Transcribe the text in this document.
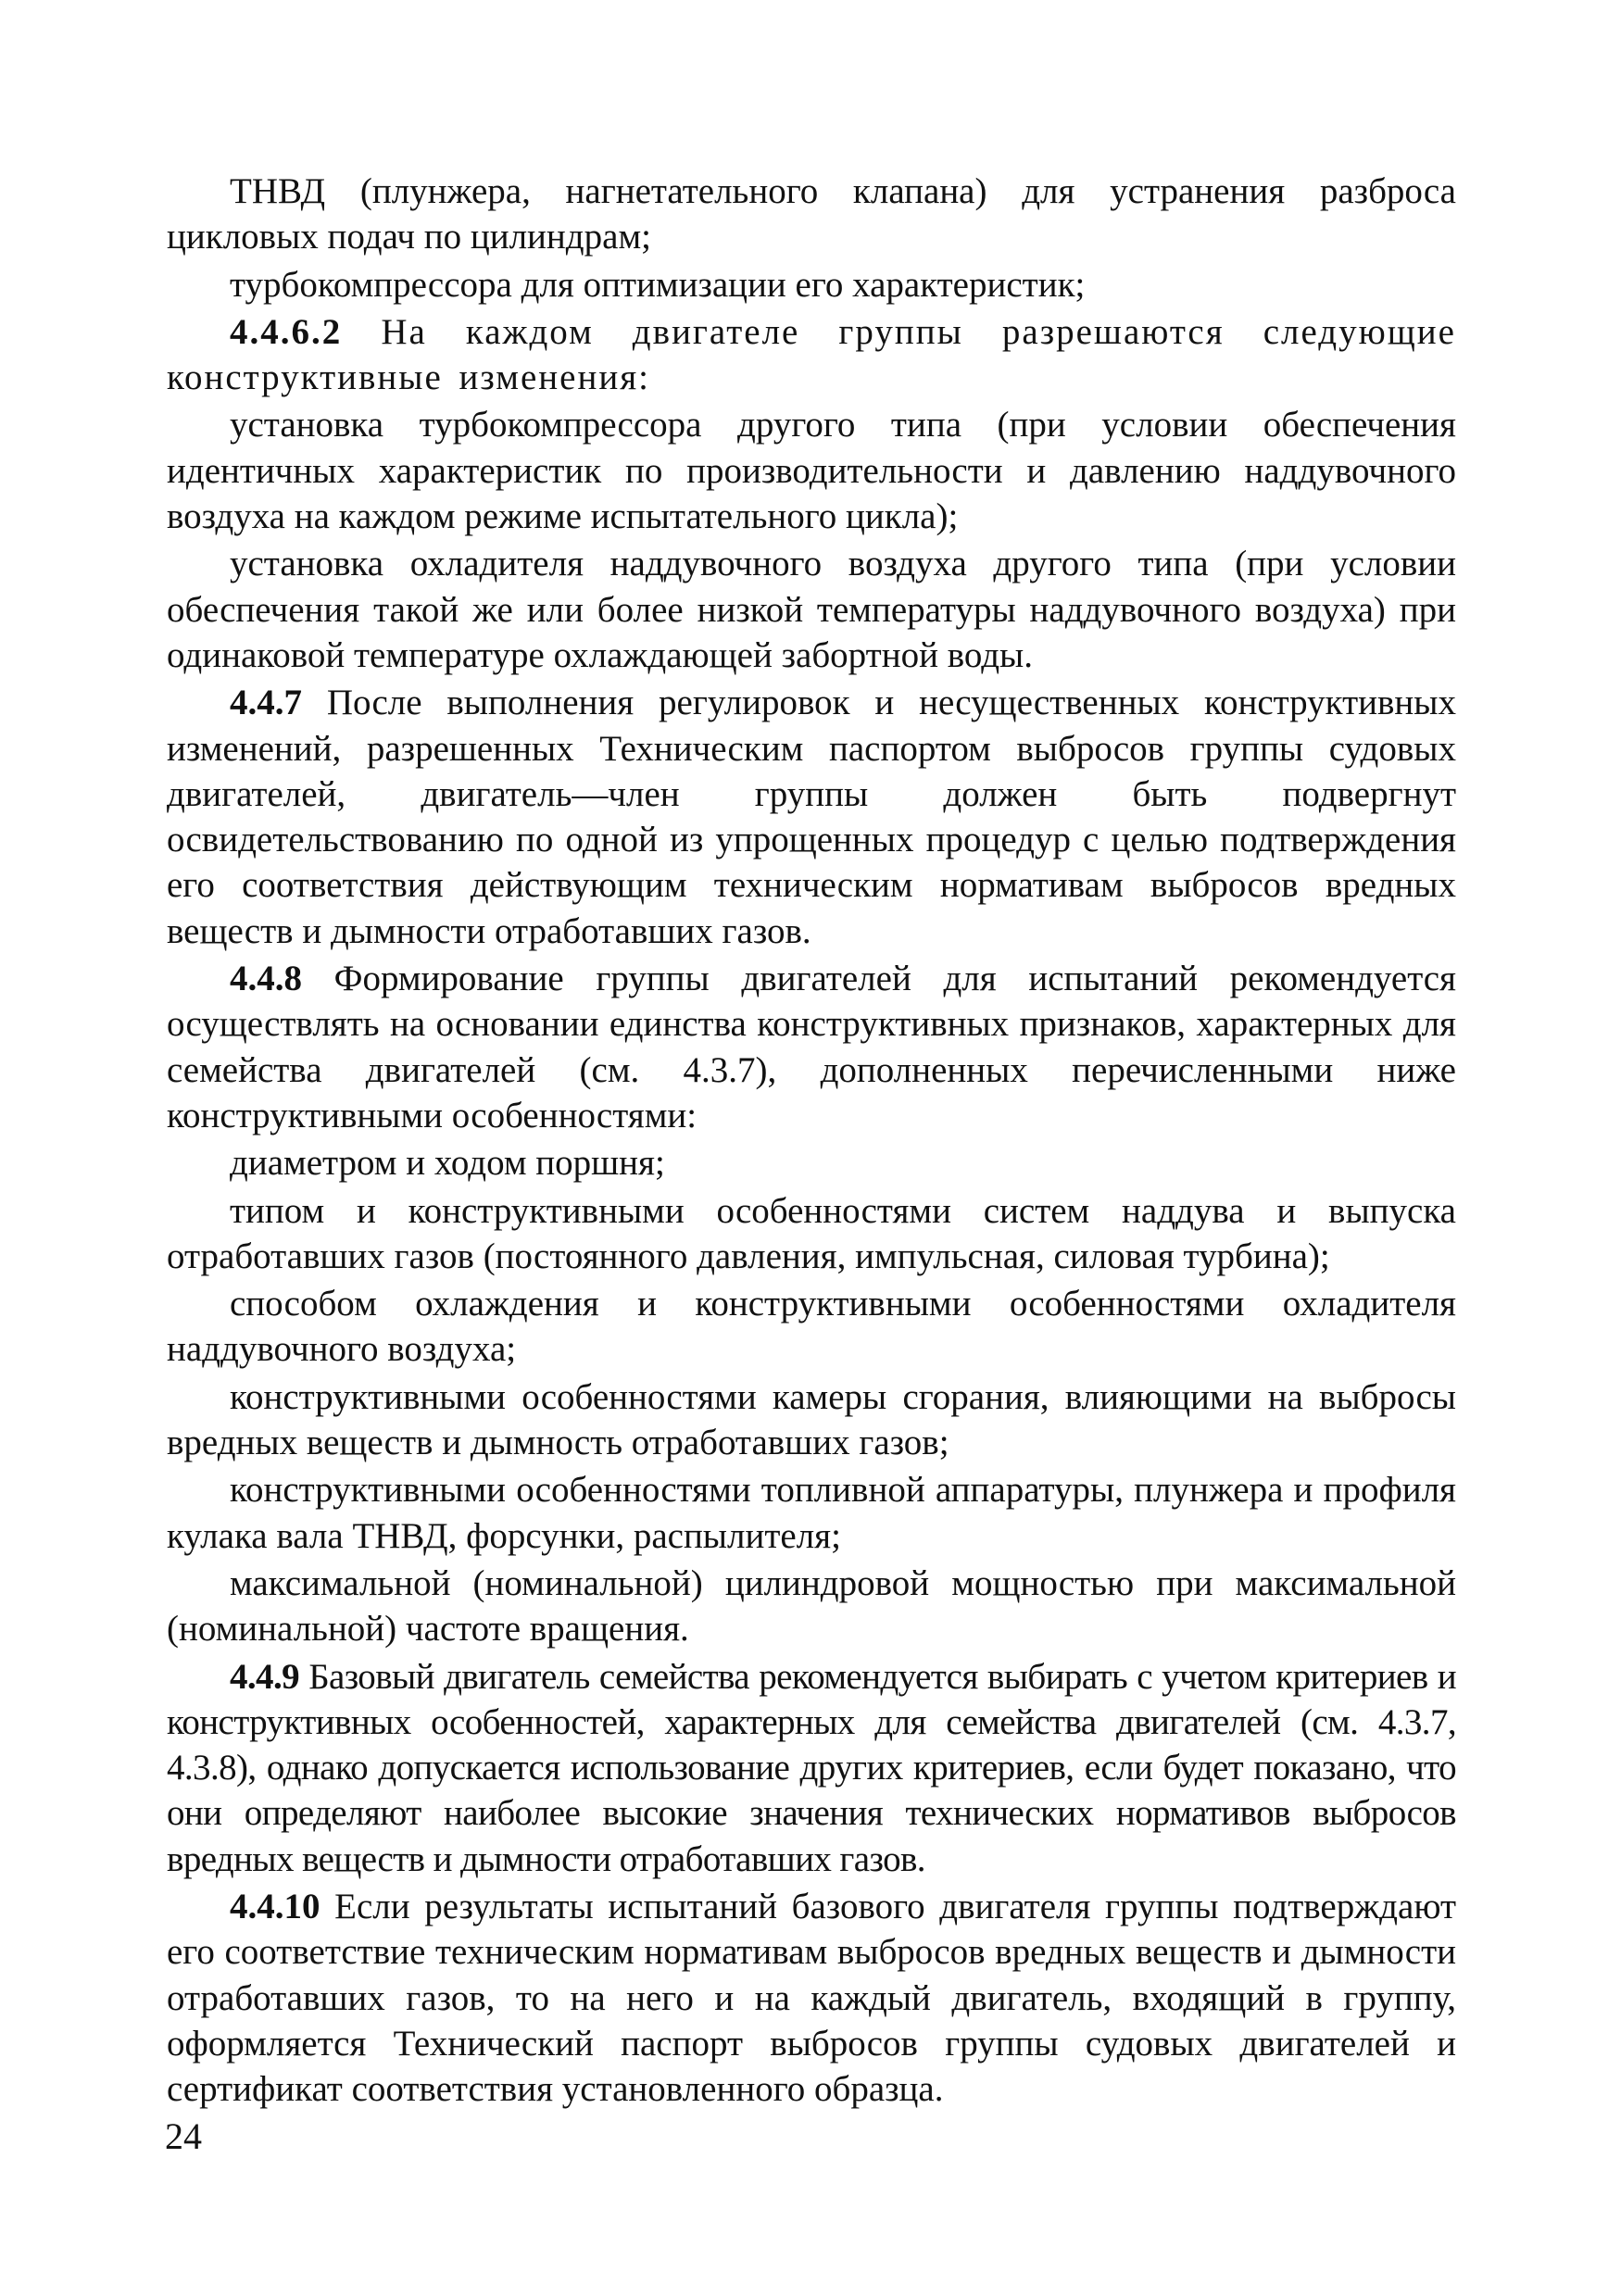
ТНВД (плунжера, нагнетательного клапана) для устранения разброса цикловых подач по цилиндрам;

турбокомпрессора для оптимизации его характеристик;

4.4.6.2 На каждом двигателе группы разрешаются следующие конструктивные изменения:

установка турбокомпрессора другого типа (при условии обеспечения идентичных характеристик по производительности и давлению наддувочного воздуха на каждом режиме испытательного цикла);

установка охладителя наддувочного воздуха другого типа (при условии обеспечения такой же или более низкой температуры наддувочного воздуха) при одинаковой температуре охлаждающей забортной воды.

4.4.7 После выполнения регулировок и несущественных конструктивных изменений, разрешенных Техническим паспортом выбросов группы судовых двигателей, двигатель—член группы должен быть подвергнут освидетельствованию по одной из упрощенных процедур с целью подтверждения его соответствия действующим техническим нормативам выбросов вредных веществ и дымности отработавших газов.

4.4.8 Формирование группы двигателей для испытаний рекомендуется осуществлять на основании единства конструктивных признаков, характерных для семейства двигателей (см. 4.3.7), дополненных перечисленными ниже конструктивными особенностями:

диаметром и ходом поршня;

типом и конструктивными особенностями систем наддува и выпуска отработавших газов (постоянного давления, импульсная, силовая турбина);

способом охлаждения и конструктивными особенностями охладителя наддувочного воздуха;

конструктивными особенностями камеры сгорания, влияющими на выбросы вредных веществ и дымность отработавших газов;

конструктивными особенностями топливной аппаратуры, плунжера и профиля кулака вала ТНВД, форсунки, распылителя;

максимальной (номинальной) цилиндровой мощностью при максимальной (номинальной) частоте вращения.

4.4.9 Базовый двигатель семейства рекомендуется выбирать с учетом критериев и конструктивных особенностей, характерных для семейства двигателей (см. 4.3.7, 4.3.8), однако допускается использование других критериев, если будет показано, что они определяют наиболее высокие значения технических нормативов выбросов вредных веществ и дымности отработавших газов.

4.4.10 Если результаты испытаний базового двигателя группы подтверждают его соответствие техническим нормативам выбросов вредных веществ и дымности отработавших газов, то на него и на каждый двигатель, входящий в группу, оформляется Технический паспорт выбросов группы судовых двигателей и сертификат соответствия установленного образца.

24
